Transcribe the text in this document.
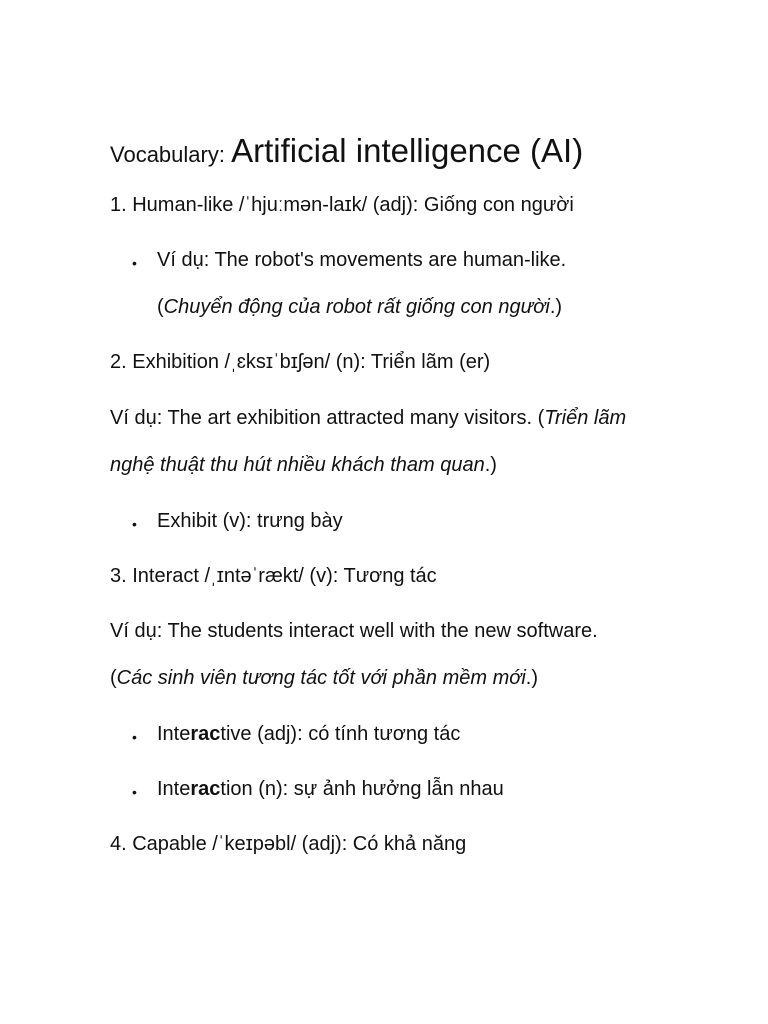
Vocabulary: Artificial intelligence (AI)
1. Human-like /ˈhjuːmən-laɪk/ (adj): Giống con người
• Ví dụ: The robot's movements are human-like.
(Chuyển động của robot rất giống con người.)
2. Exhibition /ˌɛksɪˈbɪʃən/ (n): Triển lãm (er)
Ví dụ: The art exhibition attracted many visitors. (Triển lãm
nghệ thuật thu hút nhiều khách tham quan.)
• Exhibit (v): trưng bày
3. Interact /ˌɪntəˈrækt/ (v): Tương tác
Ví dụ: The students interact well with the new software.
(Các sinh viên tương tác tốt với phần mềm mới.)
• Interactive (adj): có tính tương tác
• Interaction (n): sự ảnh hưởng lẫn nhau
4. Capable /ˈkeɪpəbl/ (adj): Có khả năng
